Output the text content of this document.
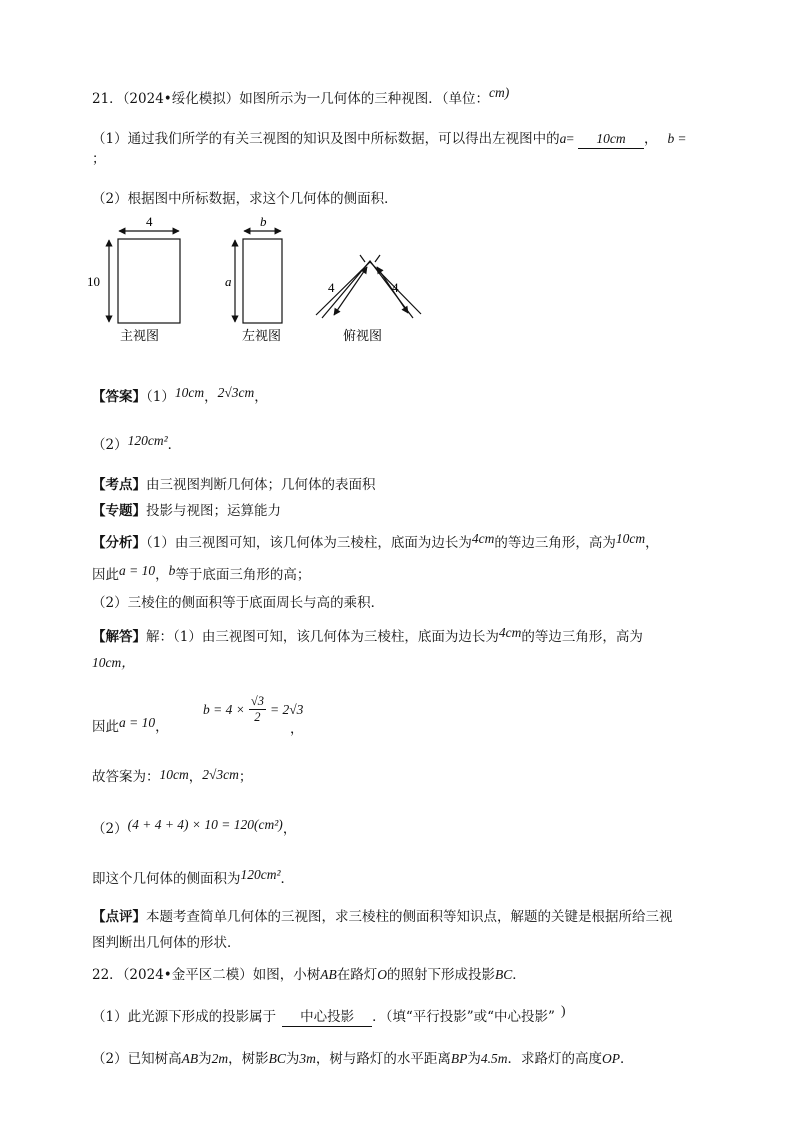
21．（2024•绥化模拟）如图所示为一几何体的三种视图．（单位：cm)
（1）通过我们所学的有关三视图的知识及图中所标数据，可以得出左视图中的a= 10cm ， b =
；
（2）根据图中所标数据，求这个几何体的侧面积．
4
10
主视图
b
a
左视图
4	4
俯视图
【答案】（1）10cm，2√3cm，
（2）120cm²．
【考点】由三视图判断几何体；几何体的表面积
【专题】投影与视图；运算能力
【分析】（1）由三视图可知，该几何体为三棱柱，底面为边长为4cm的等边三角形，高为10cm，
因此a = 10，b等于底面三角形的高；
（2）三棱住的侧面积等于底面周长与高的乘积．
【解答】解：（1）由三视图可知，该几何体为三棱柱，底面为边长为4cm的等边三角形，高为
10cm，
因此a = 10，
$b = 4 \times \frac{√3}{2} = 2√3$
，
故答案为：10cm，2√3cm；
（2）(4 + 4 + 4) × 10 = 120(cm²)，
即这个几何体的侧面积为120cm²．
【点评】本题考查简单几何体的三视图，求三棱柱的侧面积等知识点，解题的关键是根据所给三视
图判断出几何体的形状．
22．（2024•金平区二模）如图，小树AB在路灯O的照射下形成投影BC．
（1）此光源下形成的投影属于 中心投影 ．（填“平行投影”或“中心投影” )
（2）已知树高AB为2m，树影BC为3m，树与路灯的水平距离BP为4.5m．求路灯的高度OP．
